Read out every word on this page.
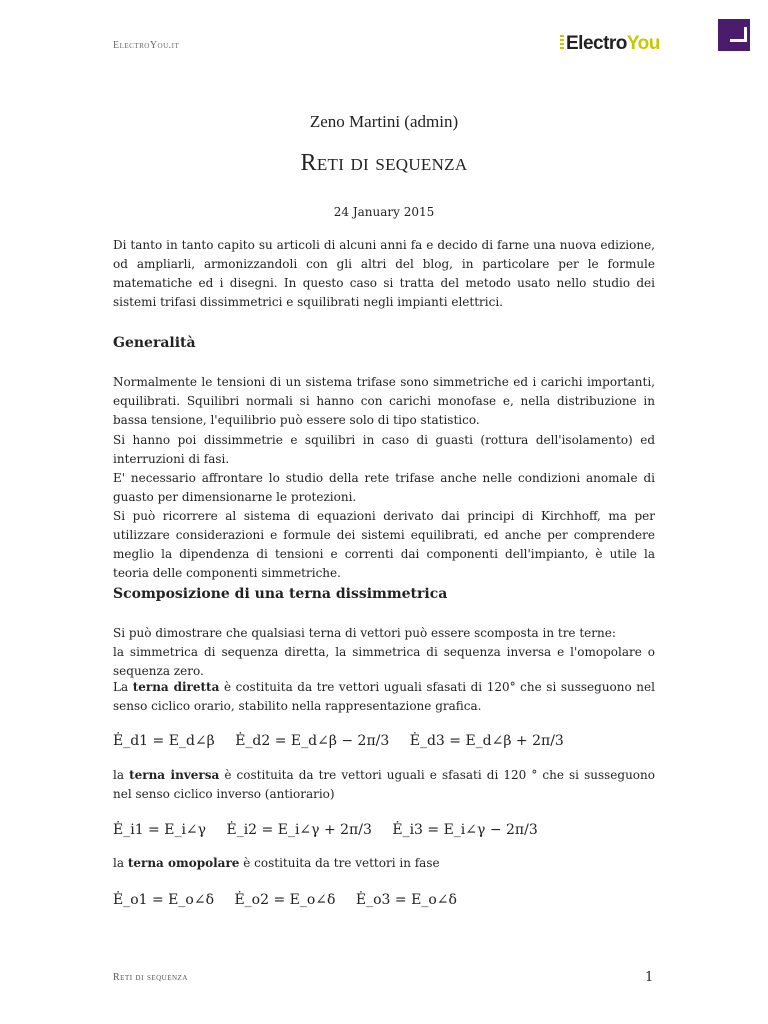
ElectroYou.it	ElectroYou
Zeno Martini (admin)
Reti di sequenza
24 January 2015
Di tanto in tanto capito su articoli di alcuni anni fa e decido di farne una nuova edizione, od ampliarli, armonizzandoli con gli altri del blog, in particolare per le formule matematiche ed i disegni. In questo caso si tratta del metodo usato nello studio dei sistemi trifasi dissimmetrici e squilibrati negli impianti elettrici.
Generalità
Normalmente le tensioni di un sistema trifase sono simmetriche ed i carichi importanti, equilibrati. Squilibri normali si hanno con carichi monofase e, nella distribuzione in bassa tensione, l'equilibrio può essere solo di tipo statistico.
Si hanno poi dissimmetrie e squilibri in caso di guasti (rottura dell'isolamento) ed interruzioni di fasi.
E' necessario affrontare lo studio della rete trifase anche nelle condizioni anomale di guasto per dimensionarne le protezioni.
Si può ricorrere al sistema di equazioni derivato dai principi di Kirchhoff, ma per utilizzare considerazioni e formule dei sistemi equilibrati, ed anche per comprendere meglio la dipendenza di tensioni e correnti dai componenti dell'impianto, è utile la teoria delle componenti simmetriche.
Scomposizione di una terna dissimmetrica
Si può dimostrare che qualsiasi terna di vettori può essere scomposta in tre terne:
la simmetrica di sequenza diretta, la simmetrica di sequenza inversa e l'omopolare o sequenza zero.
La terna diretta è costituita da tre vettori uguali sfasati di 120° che si susseguono nel senso ciclico orario, stabilito nella rappresentazione grafica.
Ė_d1 = E_d∠β Ė_d2 = E_d∠β − 2π/3 Ė_d3 = E_d∠β + 2π/3
la terna inversa è costituita da tre vettori uguali e sfasati di 120 ° che si susseguono nel senso ciclico inverso (antiorario)
Ė_i1 = E_i∠γ Ė_i2 = E_i∠γ + 2π/3 Ė_i3 = E_i∠γ − 2π/3
la terna omopolare è costituita da tre vettori in fase
Ė_o1 = E_o∠δ Ė_o2 = E_o∠δ Ė_o3 = E_o∠δ
Reti di sequenza	1
